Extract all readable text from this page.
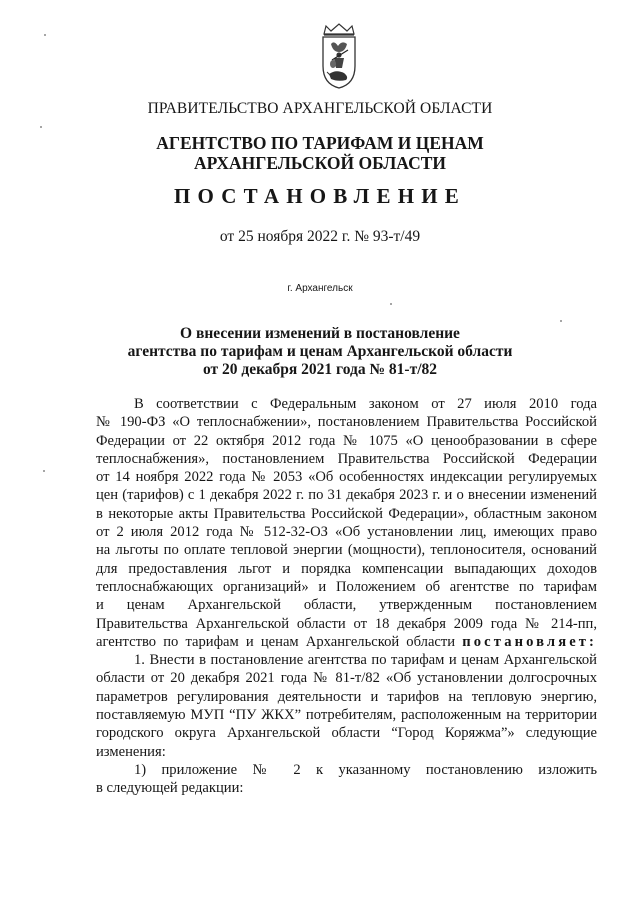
ПРАВИТЕЛЬСТВО АРХАНГЕЛЬСКОЙ ОБЛАСТИ
АГЕНТСТВО ПО ТАРИФАМ И ЦЕНАМ
АРХАНГЕЛЬСКОЙ ОБЛАСТИ
ПОСТАНОВЛЕНИЕ
от 25 ноября 2022 г. № 93-т/49
г. Архангельск
О внесении изменений в постановление
агентства по тарифам и ценам Архангельской области
от 20 декабря 2021 года № 81-т/82
В соответствии с Федеральным законом от 27 июля 2010 года
№ 190-ФЗ «О теплоснабжении», постановлением Правительства Российской
Федерации от 22 октября 2012 года № 1075 «О ценообразовании в сфере
теплоснабжения», постановлением Правительства Российской Федерации
от 14 ноября 2022 года № 2053 «Об особенностях индексации регулируемых
цен (тарифов) с 1 декабря 2022 г. по 31 декабря 2023 г. и о внесении изменений
в некоторые акты Правительства Российской Федерации», областным законом
от 2 июля 2012 года № 512-32-ОЗ «Об установлении лиц, имеющих право
на льготы по оплате тепловой энергии (мощности), теплоносителя, оснований
для предоставления льгот и порядка компенсации выпадающих доходов
теплоснабжающих организаций» и Положением об агентстве по тарифам
и ценам Архангельской области, утвержденным постановлением
Правительства Архангельской области от 18 декабря 2009 года № 214-пп,
агентство по тарифам и ценам Архангельской области постановляет:
1. Внести в постановление агентства по тарифам и ценам Архангельской
области от 20 декабря 2021 года № 81-т/82 «Об установлении долгосрочных
параметров регулирования деятельности и тарифов на тепловую энергию,
поставляемую МУП “ПУ ЖКХ” потребителям, расположенным на территории
городского округа Архангельской области “Город Коряжма”» следующие
изменения:
1) приложение № 2 к указанному постановлению изложить
в следующей редакции:
